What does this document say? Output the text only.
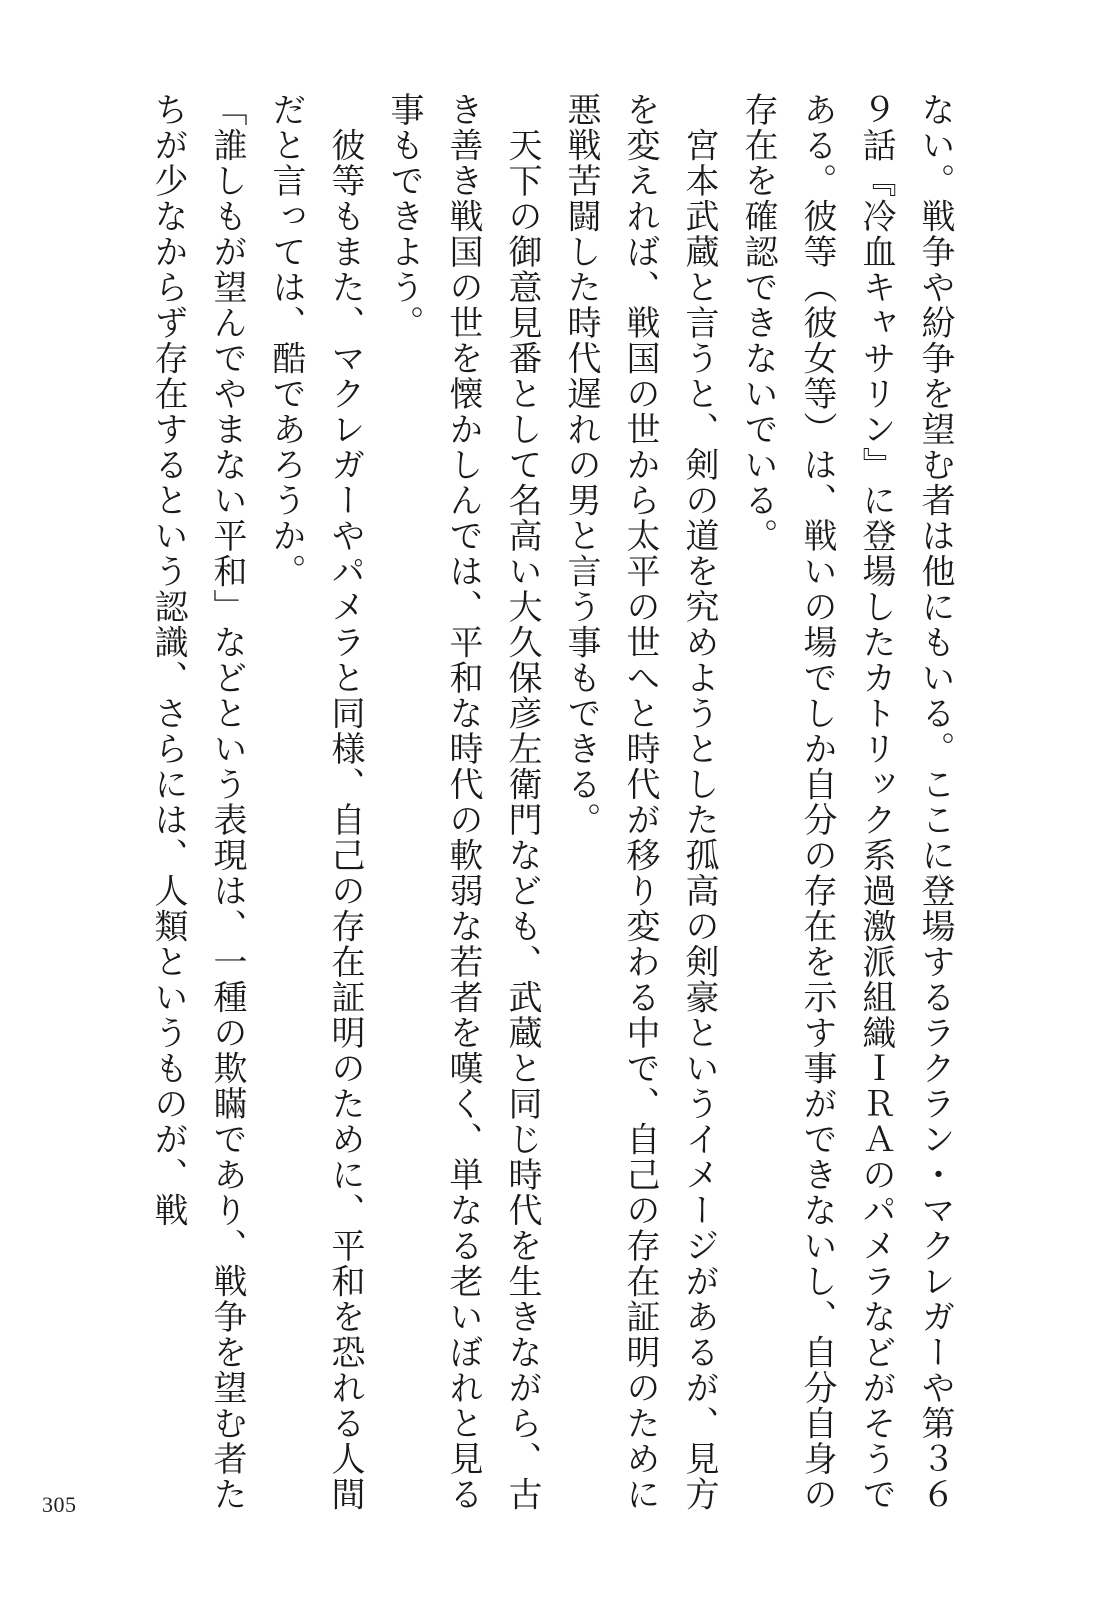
ない。戦争や紛争を望む者は他にもいる。ここに登場するラクラン・マクレガーや第３６９話『冷血キャサリン』に登場したカトリック系過激派組織ＩＲＡのパメラなどがそうである。彼等（彼女等）は、戦いの場でしか自分の存在を示す事ができないし、自分自身の存在を確認できないでいる。

　宮本武蔵と言うと、剣の道を究めようとした孤高の剣豪というイメージがあるが、見方を変えれば、戦国の世から太平の世へと時代が移り変わる中で、自己の存在証明のために悪戦苦闘した時代遅れの男と言う事もできる。

　天下の御意見番として名高い大久保彦左衛門なども、武蔵と同じ時代を生きながら、古き善き戦国の世を懐かしんでは、平和な時代の軟弱な若者を嘆く、単なる老いぼれと見る事もできよう。

　彼等もまた、マクレガーやパメラと同様、自己の存在証明のために、平和を恐れる人間だと言っては、酷であろうか。

「誰しもが望んでやまない平和」などという表現は、一種の欺瞞であり、戦争を望む者たちが少なからず存在するという認識、さらには、人類というものが、戦

305
